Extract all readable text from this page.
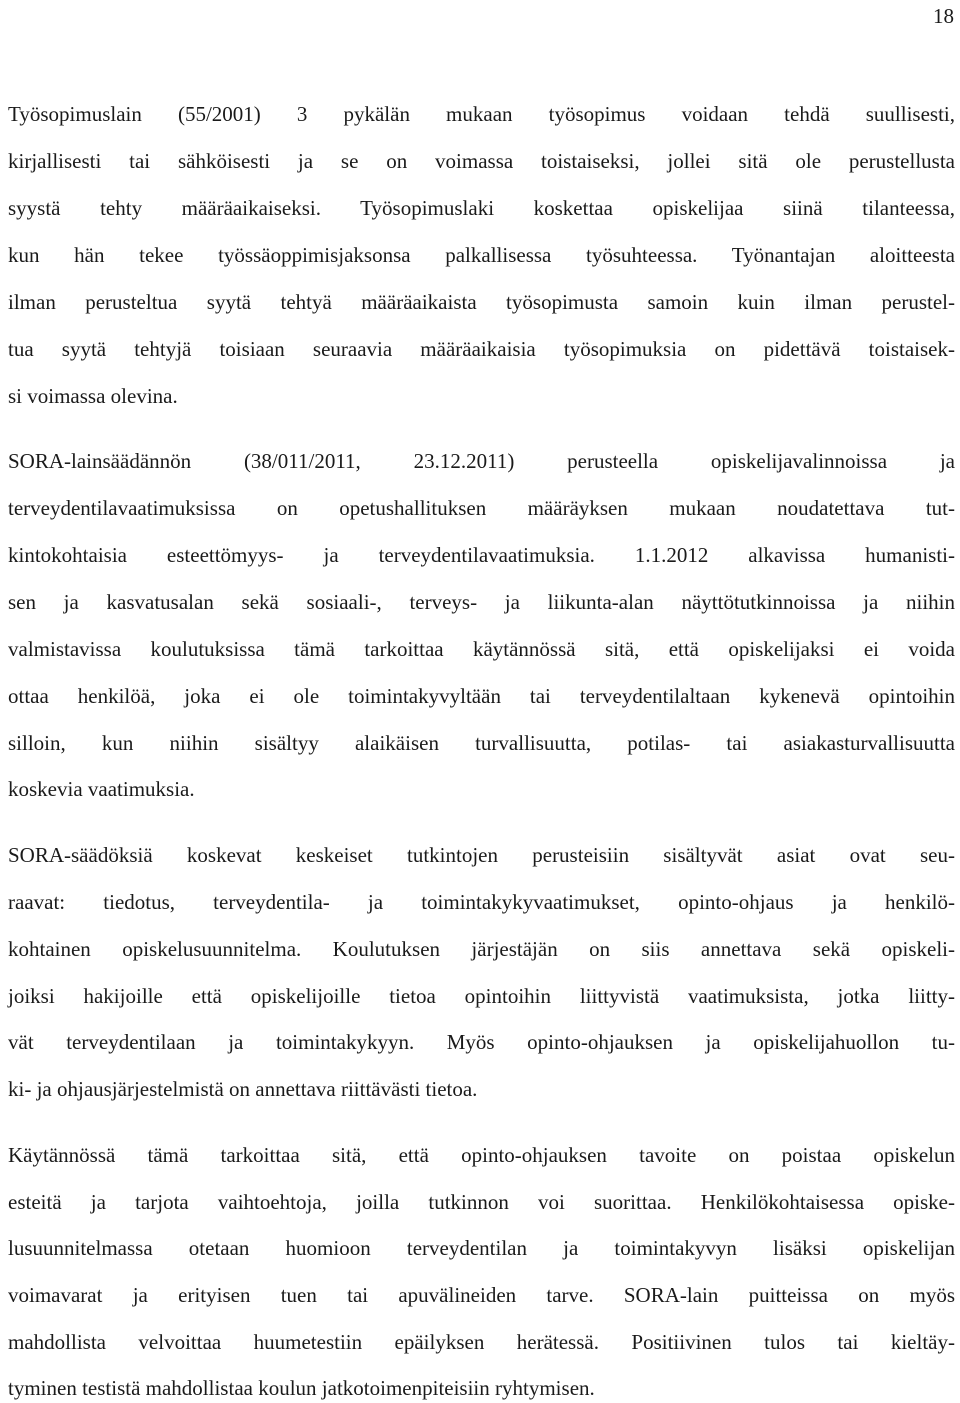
18
Työsopimuslain (55/2001) 3 pykälän mukaan työsopimus voidaan tehdä suullisesti,
kirjallisesti tai sähköisesti ja se on voimassa toistaiseksi, jollei sitä ole perustellusta
syystä tehty määräaikaiseksi. Työsopimuslaki koskettaa opiskelijaa siinä tilanteessa,
kun hän tekee työssäoppimisjaksonsa palkallisessa työsuhteessa. Työnantajan aloitteesta
ilman perusteltua syytä tehtyä määräaikaista työsopimusta samoin kuin ilman perustel-
tua syytä tehtyjä toisiaan seuraavia määräaikaisia työsopimuksia on pidettävä toistaisek-
si voimassa olevina.
SORA-lainsäädännön (38/011/2011, 23.12.2011) perusteella opiskelijavalinnoissa ja
terveydentilavaatimuksissa on opetushallituksen määräyksen mukaan noudatettava tut-
kintokohtaisia esteettömyys- ja terveydentilavaatimuksia. 1.1.2012 alkavissa humanisti-
sen ja kasvatusalan sekä sosiaali-, terveys- ja liikunta-alan näyttötutkinnoissa ja niihin
valmistavissa koulutuksissa tämä tarkoittaa käytännössä sitä, että opiskelijaksi ei voida
ottaa henkilöä, joka ei ole toimintakyvyltään tai terveydentilaltaan kykenevä opintoihin
silloin, kun niihin sisältyy alaikäisen turvallisuutta, potilas- tai asiakasturvallisuutta
koskevia vaatimuksia.
SORA-säädöksiä koskevat keskeiset tutkintojen perusteisiin sisältyvät asiat ovat seu-
raavat: tiedotus, terveydentila- ja toimintakykyvaatimukset, opinto-ohjaus ja henkilö-
kohtainen opiskelusuunnitelma. Koulutuksen järjestäjän on siis annettava sekä opiskeli-
joiksi hakijoille että opiskelijoille tietoa opintoihin liittyvistä vaatimuksista, jotka liitty-
vät terveydentilaan ja toimintakykyyn. Myös opinto-ohjauksen ja opiskelijahuollon tu-
ki- ja ohjausjärjestelmistä on annettava riittävästi tietoa.
Käytännössä tämä tarkoittaa sitä, että opinto-ohjauksen tavoite on poistaa opiskelun
esteitä ja tarjota vaihtoehtoja, joilla tutkinnon voi suorittaa. Henkilökohtaisessa opiske-
lusuunnitelmassa otetaan huomioon terveydentilan ja toimintakyvyn lisäksi opiskelijan
voimavarat ja erityisen tuen tai apuvälineiden tarve. SORA-lain puitteissa on myös
mahdollista velvoittaa huumetestiin epäilyksen herätessä. Positiivinen tulos tai kieltäy-
tyminen testistä mahdollistaa koulun jatkotoimenpiteisiin ryhtymisen.
